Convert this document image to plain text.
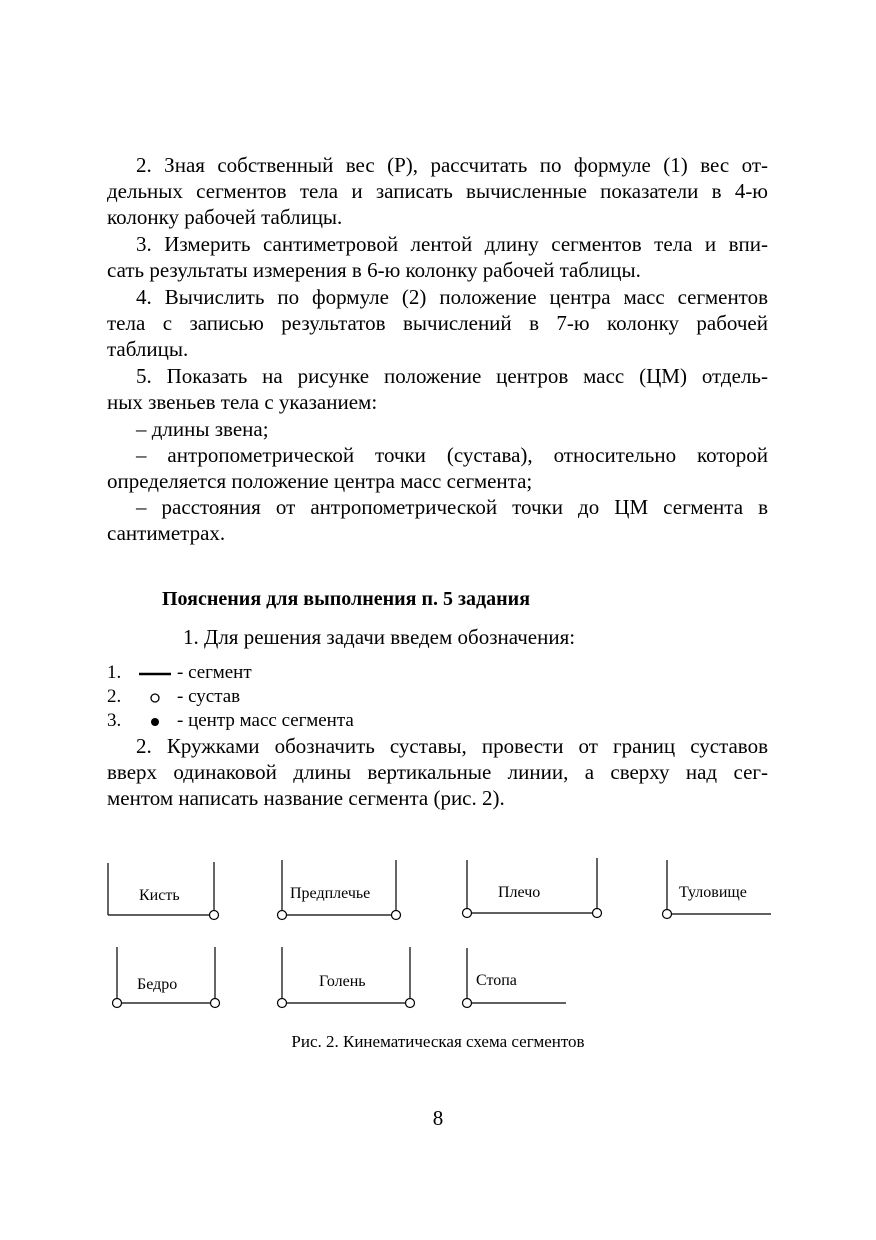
2. Зная собственный вес (Р), рассчитать по формуле (1) вес от-
дельных сегментов тела и записать вычисленные показатели в 4-ю
колонку рабочей таблицы.
3. Измерить сантиметровой лентой длину сегментов тела и впи-
сать результаты измерения в 6-ю колонку рабочей таблицы.
4. Вычислить по формуле (2) положение центра масс сегментов
тела с записью результатов вычислений в 7-ю колонку рабочей
таблицы.
5. Показать на рисунке положение центров масс (ЦМ) отдель-
ных звеньев тела с указанием:
– длины звена;
– антропометрической точки (сустава), относительно которой
определяется положение центра масс сегмента;
– расстояния от антропометрической точки до ЦМ сегмента в
сантиметрах.

Пояснения для выполнения п. 5 задания

1. Для решения задачи введем обозначения:

1.	- сегмент
2.	- сустав
3.	- центр масс сегмента
2. Кружками обозначить суставы, провести от границ суставов
вверх одинаковой длины вертикальные линии, а сверху над сег-
ментом написать название сегмента (рис. 2).
Кисть	Предплечье	Плечо	Туловище
Бедро	Голень	Стопа

Рис. 2. Кинематическая схема сегментов

8
